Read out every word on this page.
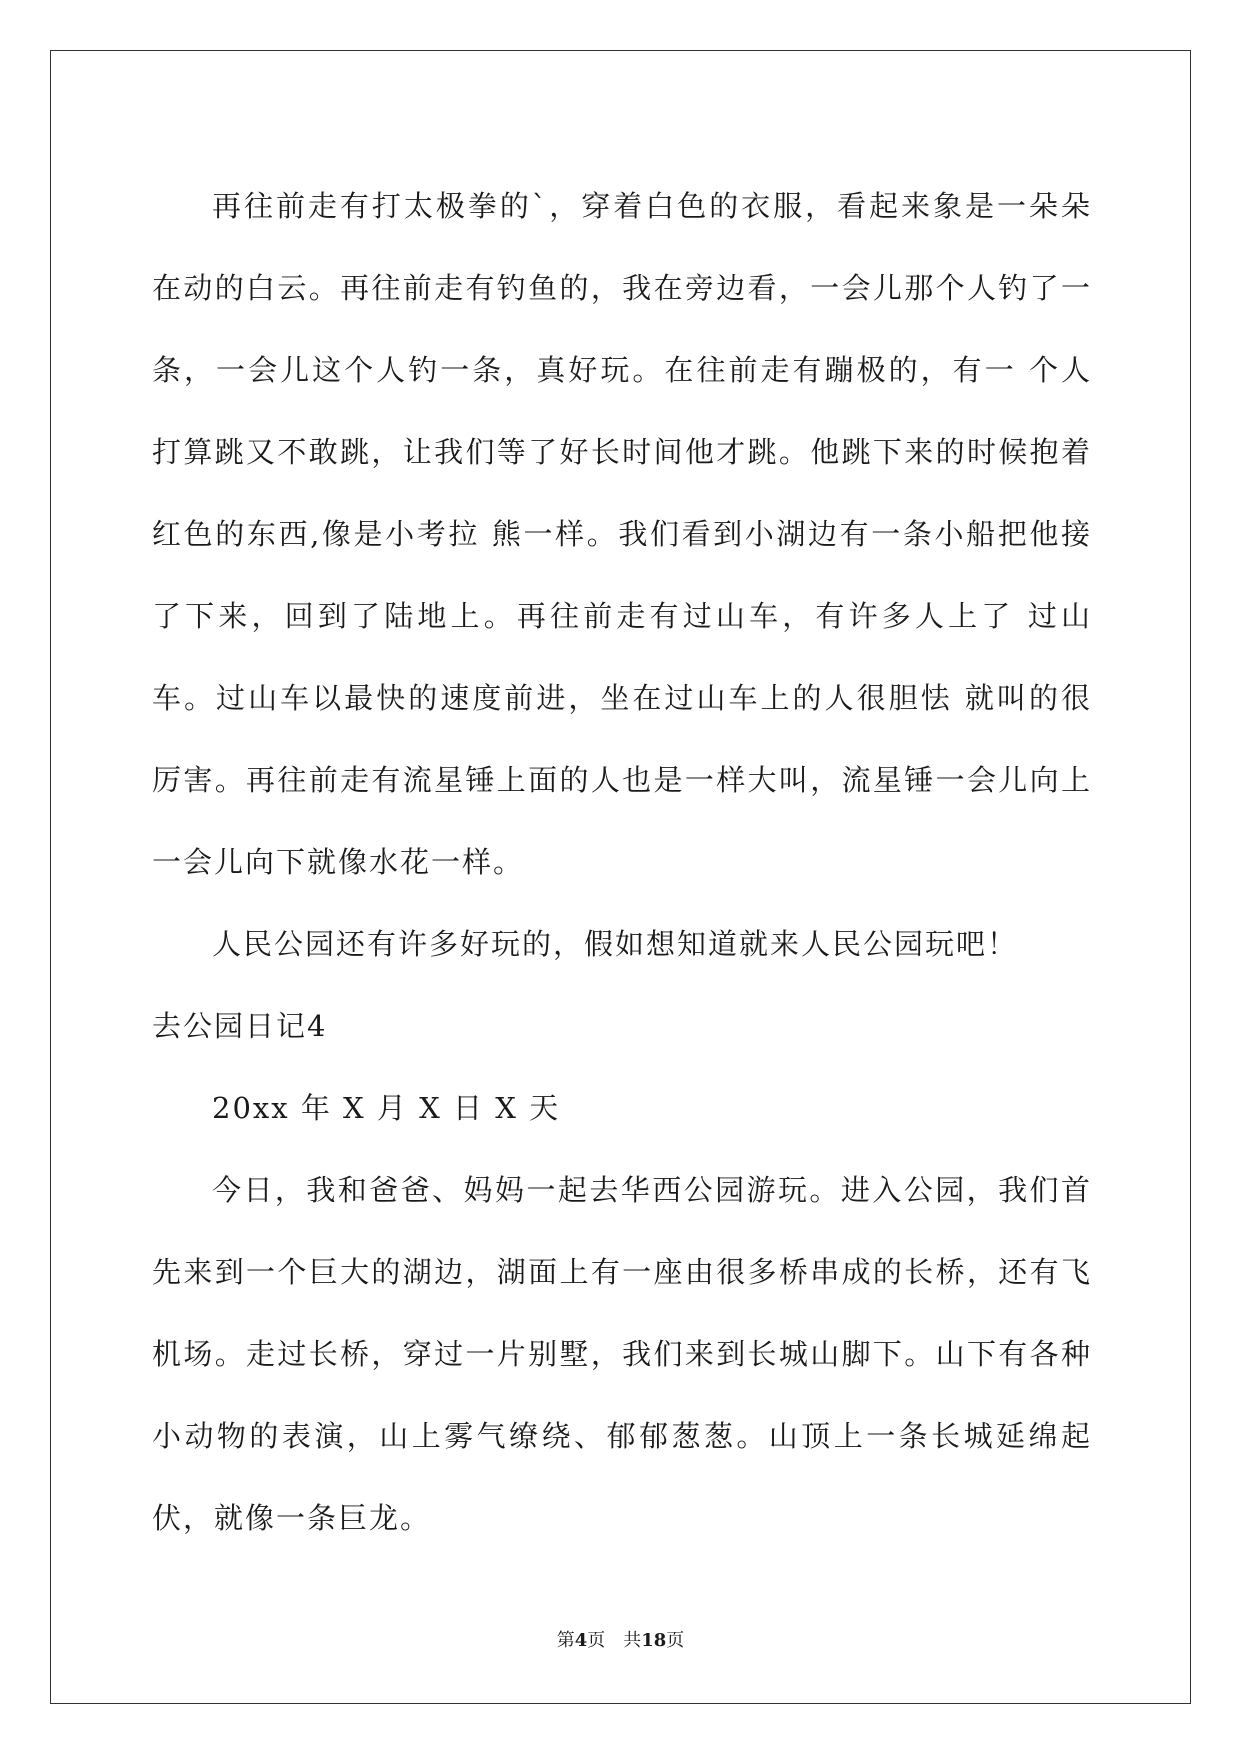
再往前走有打太极拳的`，穿着白色的衣服，看起来象是一朵朵在动的白云。再往前走有钓鱼的，我在旁边看，一会儿那个人钓了一条，一会儿这个人钓一条，真好玩。在往前走有蹦极的，有一 个人打算跳又不敢跳，让我们等了好长时间他才跳。他跳下来的时候抱着红色的东西,像是小考拉 熊一样。我们看到小湖边有一条小船把他接了下来，回到了陆地上。再往前走有过山车，有许多人上了 过山车。过山车以最快的速度前进，坐在过山车上的人很胆怯 就叫的很厉害。再往前走有流星锤上面的人也是一样大叫，流星锤一会儿向上一会儿向下就像水花一样。

人民公园还有许多好玩的，假如想知道就来人民公园玩吧！

去公园日记4

20xx 年 X 月 X 日 X 天

今日，我和爸爸、妈妈一起去华西公园游玩。进入公园，我们首先来到一个巨大的湖边，湖面上有一座由很多桥串成的长桥，还有飞机场。走过长桥，穿过一片别墅，我们来到长城山脚下。山下有各种小动物的表演，山上雾气缭绕、郁郁葱葱。山顶上一条长城延绵起伏，就像一条巨龙。

第4页 共18页
